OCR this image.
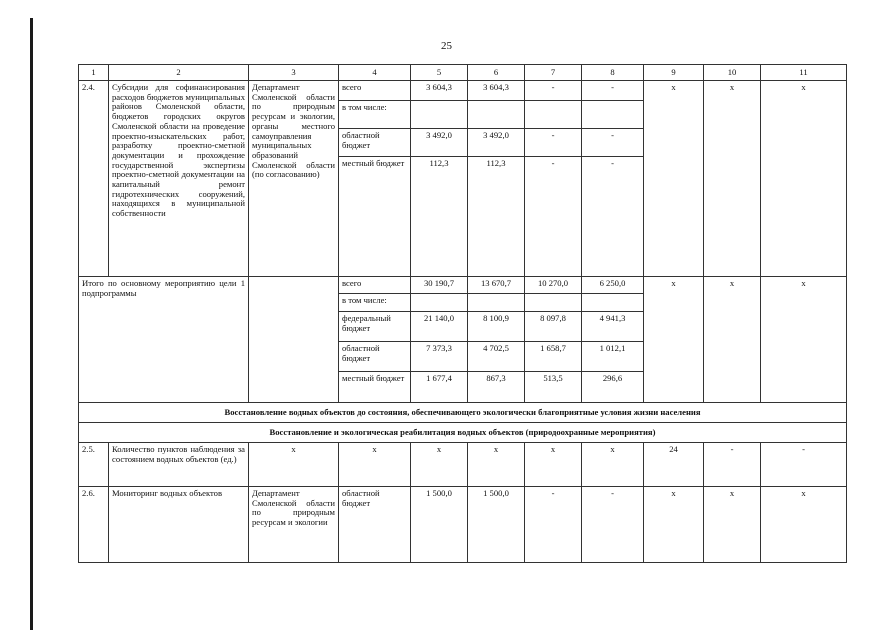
25
1	2	3	4	5	6	7	8	9	10	11
2.4.	Субсидии для софинансирования расходов бюджетов муниципальных районов Смоленской области, бюджетов городских округов Смоленской области на проведение проектно-изыскательских работ, разработку проектно-сметной документации и прохождение государственной экспертизы проектно-сметной документации на капитальный ремонт гидротехнических сооружений, находящихся в муниципальной собственности	Департамент Смоленской области по природным ресурсам и экологии, органы местного самоуправления муниципальных образований Смоленской области (по согласованию)	всего	3 604,3	3 604,3	-	-	х	х	х
			в том числе:							
			областной бюджет	3 492,0	3 492,0	-	-			
			местный бюджет	112,3	112,3	-	-			
Итого по основному мероприятию цели 1 подпрограммы			всего	30 190,7	13 670,7	10 270,0	6 250,0	х	х	х
			в том числе:							
			федеральный бюджет	21 140,0	8 100,9	8 097,8	4 941,3			
			областной бюджет	7 373,3	4 702,5	1 658,7	1 012,1			
			местный бюджет	1 677,4	867,3	513,5	296,6			
Восстановление водных объектов до состояния, обеспечивающего экологически благоприятные условия жизни населения										
Восстановление и экологическая реабилитация водных объектов (природоохранные мероприятия)										
2.5.	Количество пунктов наблюдения за состоянием водных объектов (ед.)	х	х	х	х	х	х	24	-	-
2.6.	Мониторинг водных объектов	Департамент Смоленской области по природным ресурсам и экологии	областной бюджет	1 500,0	1 500,0	-	-	х	х	х
